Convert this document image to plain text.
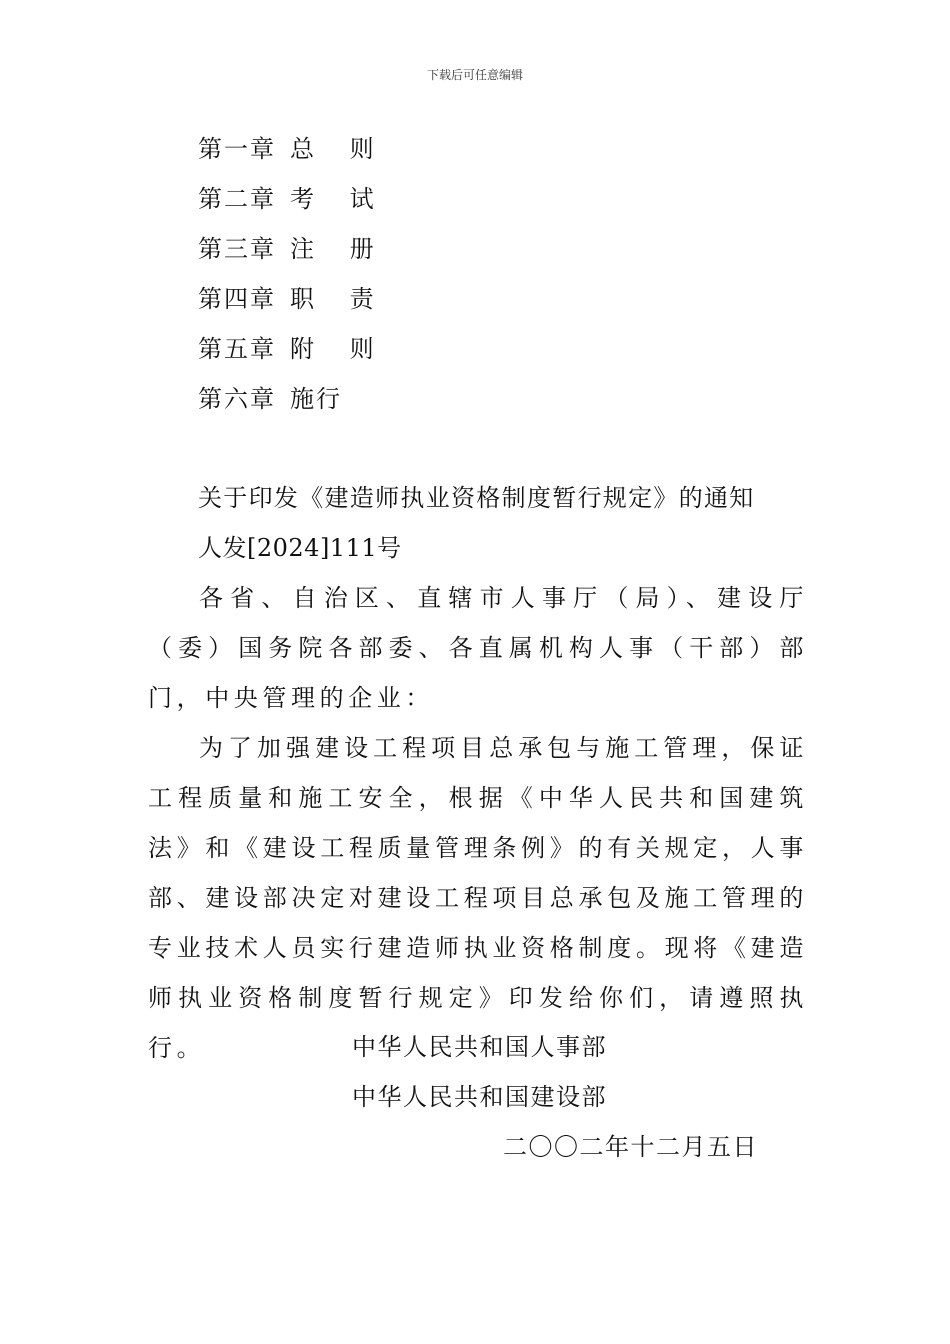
下载后可任意编辑
第一章 总 则
第二章 考 试
第三章 注 册
第四章 职 责
第五章 附 则
第六章 施行
关于印发《建造师执业资格制度暂行规定》的通知
人发[2024]111号
各省、自治区、直辖市人事厅（局）、建设厅（委）国务院各部委、各直属机构人事（干部）部门，中央管理的企业：
为了加强建设工程项目总承包与施工管理，保证工程质量和施工安全，根据《中华人民共和国建筑法》和《建设工程质量管理条例》的有关规定，人事部、建设部决定对建设工程项目总承包及施工管理的专业技术人员实行建造师执业资格制度。现将《建造师执业资格制度暂行规定》印发给你们，请遵照执行。	中华人民共和国人事部
中华人民共和国建设部
二〇〇二年十二月五日
